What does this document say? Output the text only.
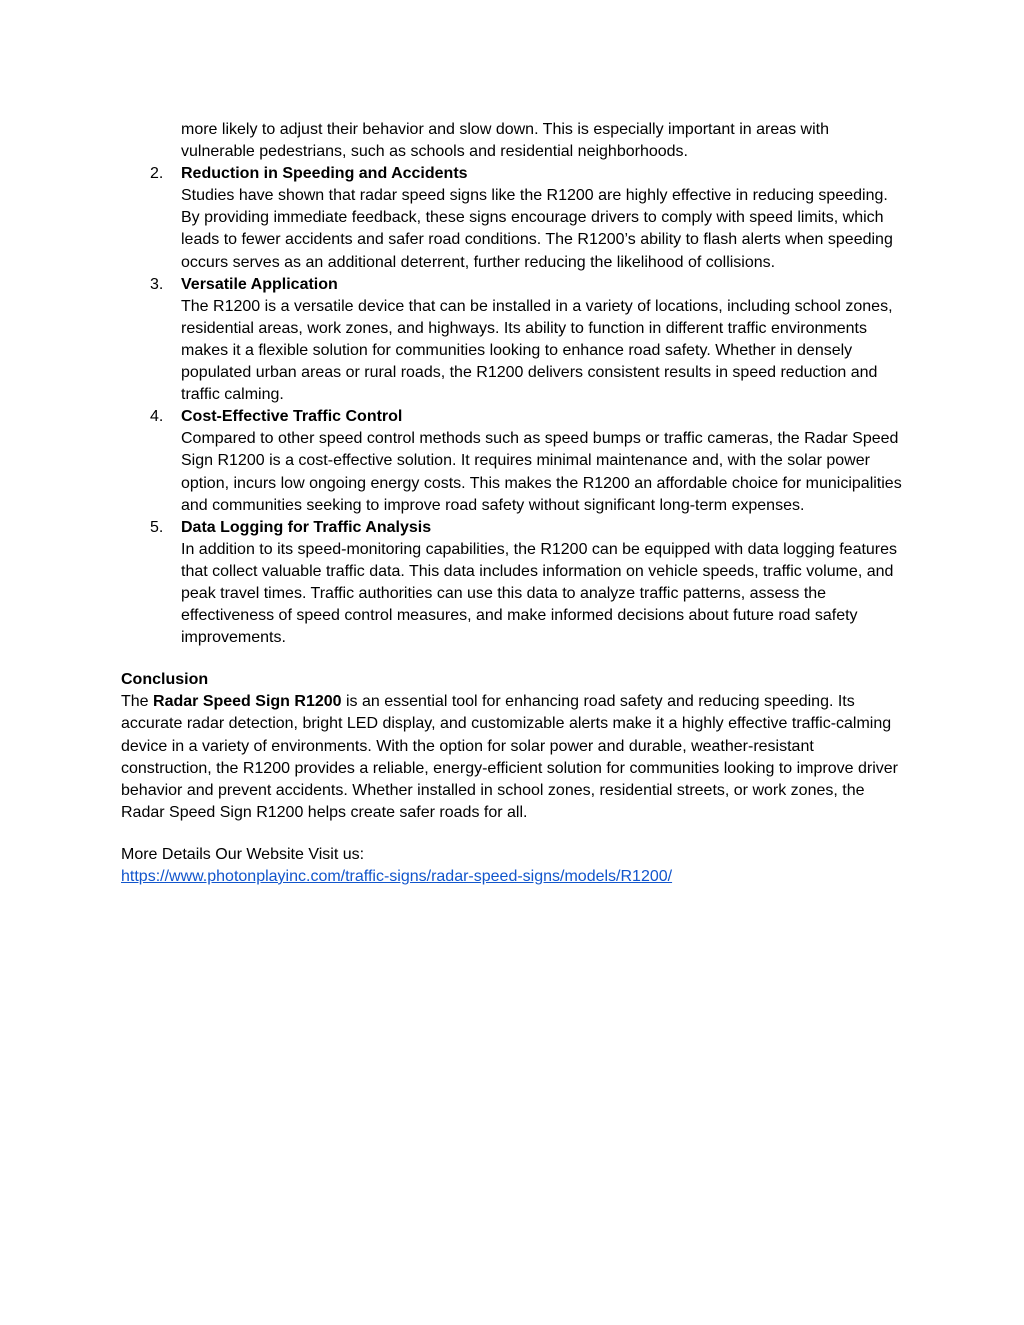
more likely to adjust their behavior and slow down. This is especially important in areas with vulnerable pedestrians, such as schools and residential neighborhoods.
2. Reduction in Speeding and Accidents
Studies have shown that radar speed signs like the R1200 are highly effective in reducing speeding. By providing immediate feedback, these signs encourage drivers to comply with speed limits, which leads to fewer accidents and safer road conditions. The R1200’s ability to flash alerts when speeding occurs serves as an additional deterrent, further reducing the likelihood of collisions.
3. Versatile Application
The R1200 is a versatile device that can be installed in a variety of locations, including school zones, residential areas, work zones, and highways. Its ability to function in different traffic environments makes it a flexible solution for communities looking to enhance road safety. Whether in densely populated urban areas or rural roads, the R1200 delivers consistent results in speed reduction and traffic calming.
4. Cost-Effective Traffic Control
Compared to other speed control methods such as speed bumps or traffic cameras, the Radar Speed Sign R1200 is a cost-effective solution. It requires minimal maintenance and, with the solar power option, incurs low ongoing energy costs. This makes the R1200 an affordable choice for municipalities and communities seeking to improve road safety without significant long-term expenses.
5. Data Logging for Traffic Analysis
In addition to its speed-monitoring capabilities, the R1200 can be equipped with data logging features that collect valuable traffic data. This data includes information on vehicle speeds, traffic volume, and peak travel times. Traffic authorities can use this data to analyze traffic patterns, assess the effectiveness of speed control measures, and make informed decisions about future road safety improvements.
Conclusion
The Radar Speed Sign R1200 is an essential tool for enhancing road safety and reducing speeding. Its accurate radar detection, bright LED display, and customizable alerts make it a highly effective traffic-calming device in a variety of environments. With the option for solar power and durable, weather-resistant construction, the R1200 provides a reliable, energy-efficient solution for communities looking to improve driver behavior and prevent accidents. Whether installed in school zones, residential streets, or work zones, the Radar Speed Sign R1200 helps create safer roads for all.
More Details Our Website Visit us:
https://www.photonplayinc.com/traffic-signs/radar-speed-signs/models/R1200/
